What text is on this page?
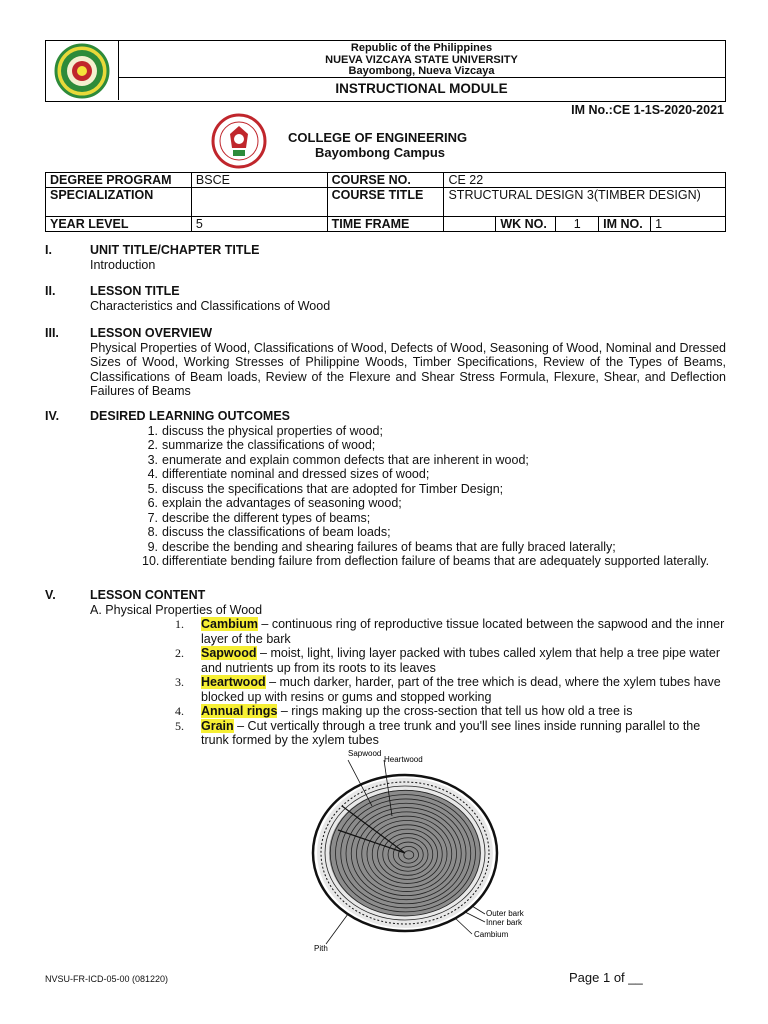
Republic of the Philippines
NUEVA VIZCAYA STATE UNIVERSITY
Bayombong, Nueva Vizcaya
INSTRUCTIONAL MODULE
IM No.:CE 1-1S-2020-2021
COLLEGE OF ENGINEERING
Bayombong Campus
DEGREE PROGRAM	BSCE	COURSE NO.	CE 22				
SPECIALIZATION		COURSE TITLE	STRUCTURAL DESIGN 3(TIMBER DESIGN)				
YEAR LEVEL	5	TIME FRAME		WK NO.	1	IM NO.	1
I.	UNIT TITLE/CHAPTER TITLE
Introduction
II.	LESSON TITLE
Characteristics and Classifications of Wood
III. LESSON OVERVIEW
Physical Properties of Wood, Classifications of Wood, Defects of Wood, Seasoning of Wood, Nominal and Dressed Sizes of Wood, Working Stresses of Philippine Woods, Timber Specifications, Review of the Types of Beams, Classifications of Beam loads, Review of the Flexure and Shear Stress Formula, Flexure, Shear, and Deflection Failures of Beams
IV. DESIRED LEARNING OUTCOMES
1. discuss the physical properties of wood;
2. summarize the classifications of wood;
3. enumerate and explain common defects that are inherent in wood;
4. differentiate nominal and dressed sizes of wood;
5. discuss the specifications that are adopted for Timber Design;
6. explain the advantages of seasoning wood;
7. describe the different types of beams;
8. discuss the classifications of beam loads;
9. describe the bending and shearing failures of beams that are fully braced laterally;
10. differentiate bending failure from deflection failure of beams that are adequately supported laterally.
V.	LESSON CONTENT
A. Physical Properties of Wood
1. Cambium – continuous ring of reproductive tissue located between the sapwood and the inner layer of the bark
2. Sapwood – moist, light, living layer packed with tubes called xylem that help a tree pipe water and nutrients up from its roots to its leaves
3. Heartwood – much darker, harder, part of the tree which is dead, where the xylem tubes have blocked up with resins or gums and stopped working
4. Annual rings – rings making up the cross-section that tell us how old a tree is
5. Grain – Cut vertically through a tree trunk and you'll see lines inside running parallel to the trunk formed by the xylem tubes
Sapwood
Heartwood
Outer bark
Inner bark
Cambium
Pith
NVSU-FR-ICD-05-00 (081220)	Page 1 of __
